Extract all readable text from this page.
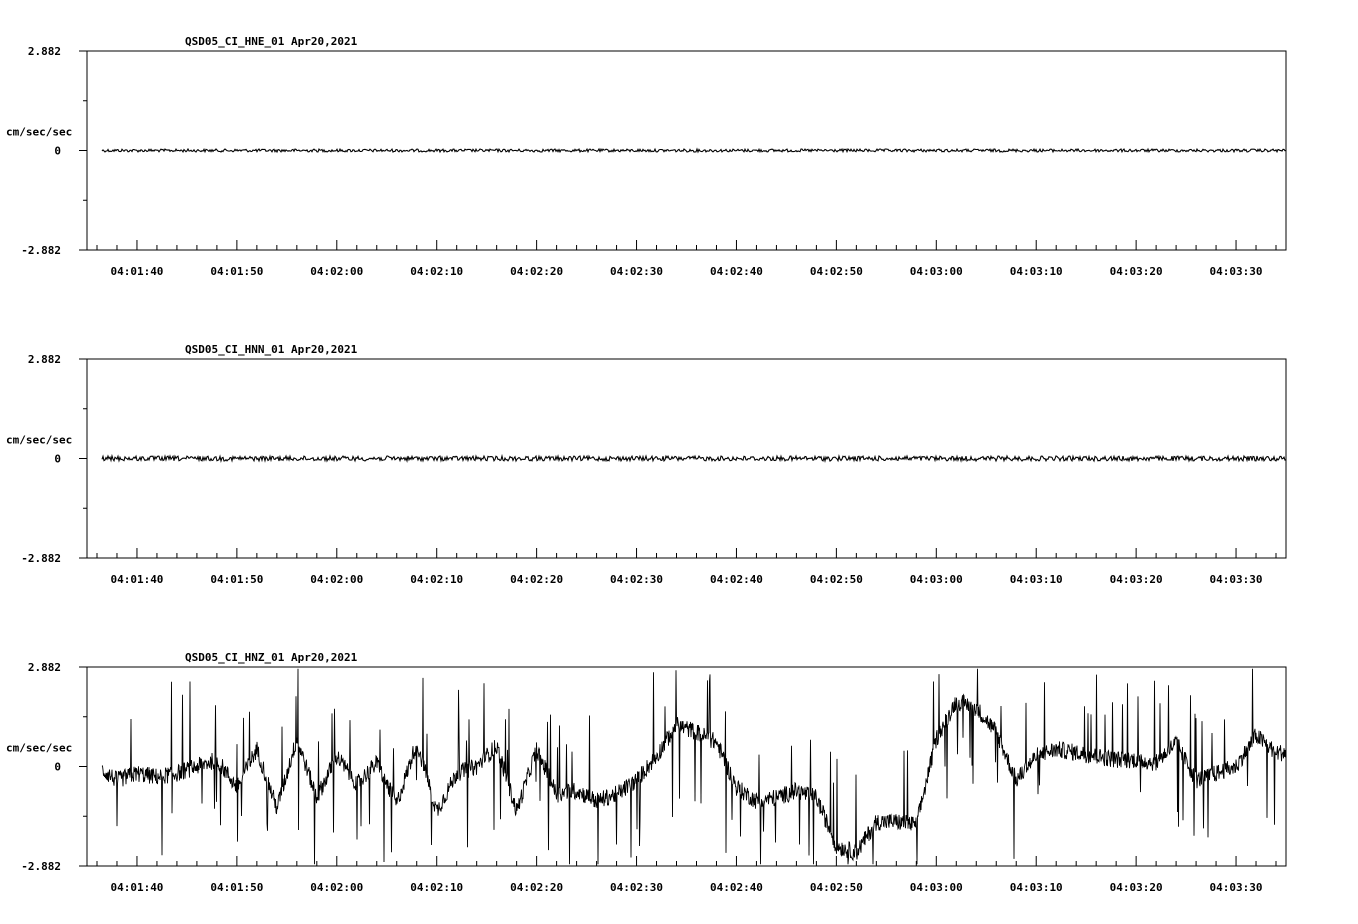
QSD05_CI_HNE_01 Apr20,2021
2.882
0
-2.882
cm/sec/sec
04:01:40	04:01:50	04:02:00	04:02:10	04:02:20	04:02:30	04:02:40	04:02:50	04:03:00	04:03:10	04:03:20	04:03:30
QSD05_CI_HNN_01 Apr20,2021
2.882
0
-2.882
cm/sec/sec
04:01:40	04:01:50	04:02:00	04:02:10	04:02:20	04:02:30	04:02:40	04:02:50	04:03:00	04:03:10	04:03:20	04:03:30
QSD05_CI_HNZ_01 Apr20,2021
2.882
0
-2.882
cm/sec/sec
04:01:40	04:01:50	04:02:00	04:02:10	04:02:20	04:02:30	04:02:40	04:02:50	04:03:00	04:03:10	04:03:20	04:03:30
